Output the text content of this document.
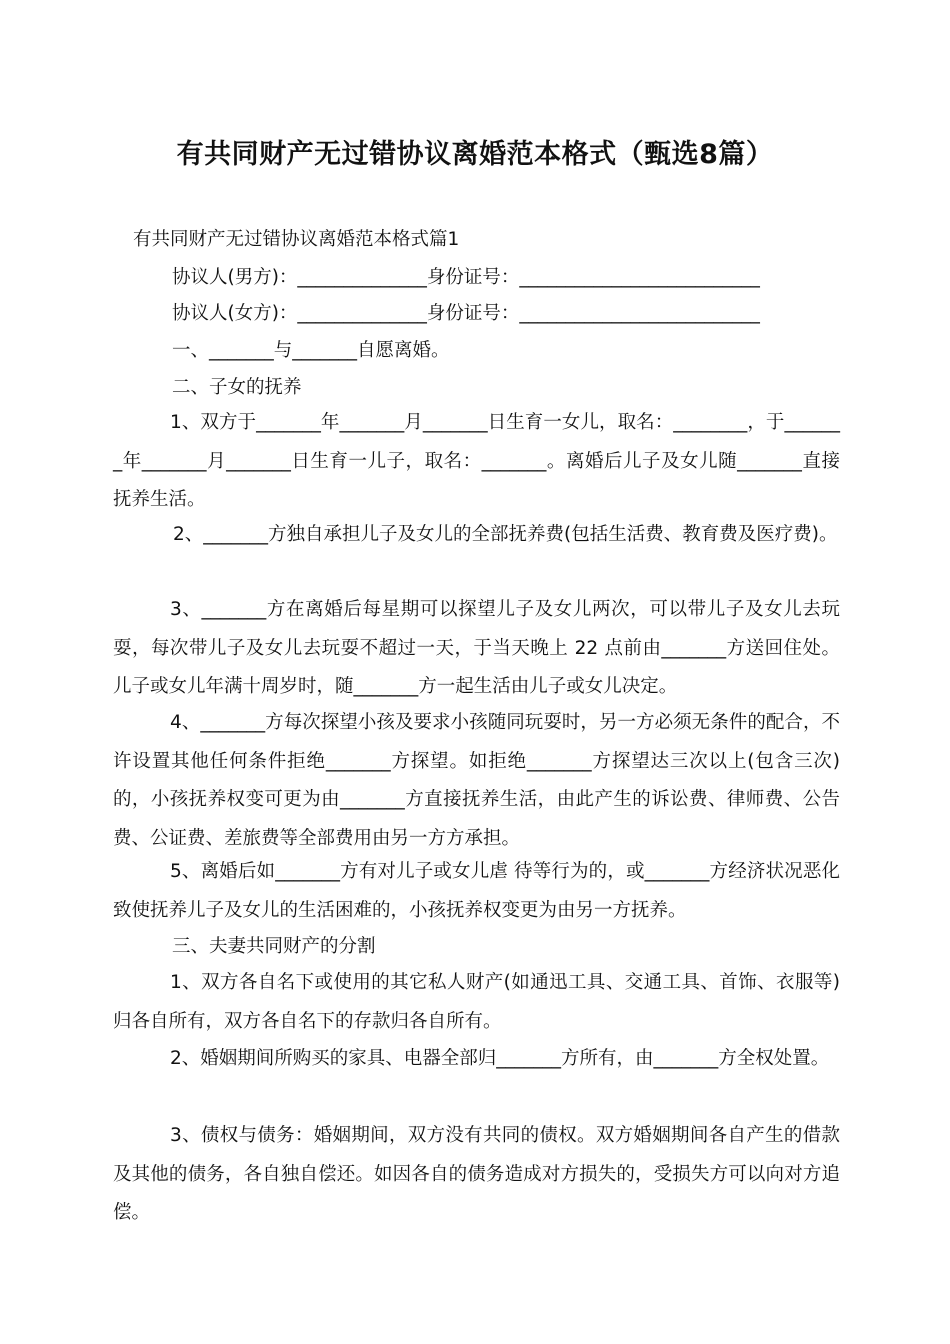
有共同财产无过错协议离婚范本格式（甄选8篇）
有共同财产无过错协议离婚范本格式篇1
协议人(男方)：______________身份证号：__________________________
协议人(女方)：______________身份证号：__________________________
一、_______与_______自愿离婚。
二、子女的抚养
1、双方于_______年_______月_______日生育一女儿，取名：________，于_______年_______月_______日生育一儿子，取名：_______。离婚后儿子及女儿随_______直接抚养生活。
2、_______方独自承担儿子及女儿的全部抚养费(包括生活费、教育费及医疗费)。
3、_______方在离婚后每星期可以探望儿子及女儿两次，可以带儿子及女儿去玩耍，每次带儿子及女儿去玩耍不超过一天，于当天晚上 22 点前由_______方送回住处。儿子或女儿年满十周岁时，随_______方一起生活由儿子或女儿决定。
4、_______方每次探望小孩及要求小孩随同玩耍时，另一方必须无条件的配合，不许设置其他任何条件拒绝_______方探望。如拒绝_______方探望达三次以上(包含三次)的，小孩抚养权变可更为由_______方直接抚养生活，由此产生的诉讼费、律师费、公告费、公证费、差旅费等全部费用由另一方方承担。
5、离婚后如_______方有对儿子或女儿虐 待等行为的，或_______方经济状况恶化致使抚养儿子及女儿的生活困难的，小孩抚养权变更为由另一方抚养。
三、夫妻共同财产的分割
1、双方各自名下或使用的其它私人财产(如通迅工具、交通工具、首饰、衣服等)归各自所有，双方各自名下的存款归各自所有。
2、婚姻期间所购买的家具、电器全部归_______方所有，由_______方全权处置。
3、债权与债务：婚姻期间，双方没有共同的债权。双方婚姻期间各自产生的借款及其他的债务，各自独自偿还。如因各自的债务造成对方损失的，受损失方可以向对方追偿。
